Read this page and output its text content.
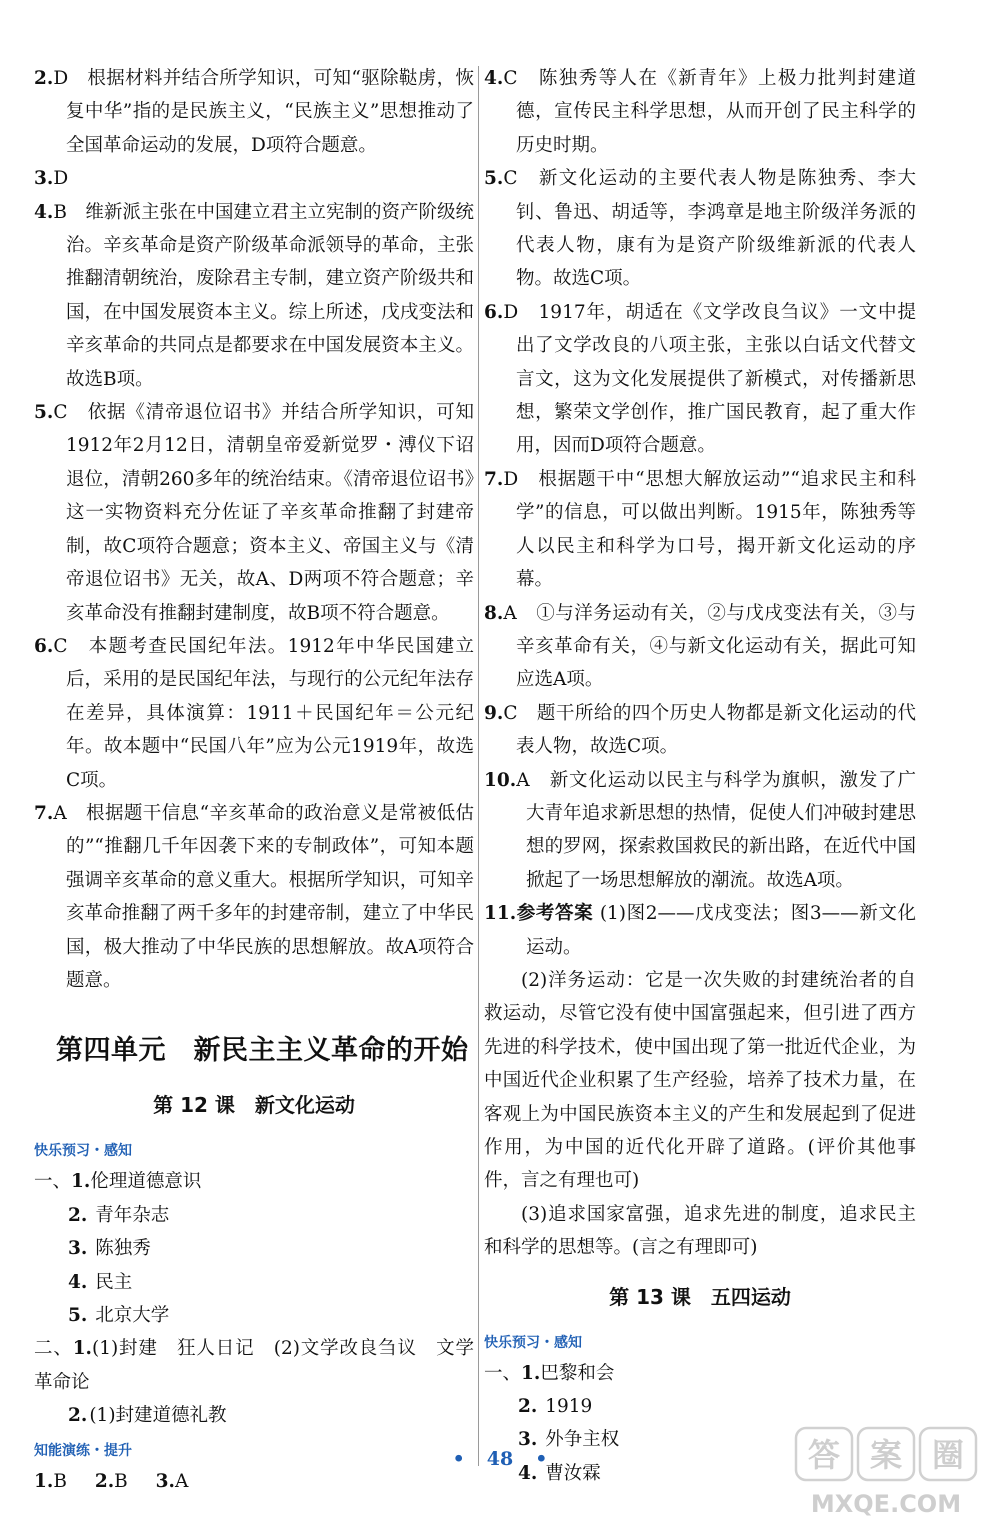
2.D　根据材料并结合所学知识，可知“驱除鞑虏，恢复中华”指的是民族主义，“民族主义”思想推动了全国革命运动的发展，D项符合题意。
3.D
4.B　维新派主张在中国建立君主立宪制的资产阶级统治。辛亥革命是资产阶级革命派领导的革命，主张推翻清朝统治，废除君主专制，建立资产阶级共和国，在中国发展资本主义。综上所述，戊戌变法和辛亥革命的共同点是都要求在中国发展资本主义。故选B项。
5.C　依据《清帝退位诏书》并结合所学知识，可知1912年2月12日，清朝皇帝爱新觉罗・溥仪下诏退位，清朝260多年的统治结束。《清帝退位诏书》这一实物资料充分佐证了辛亥革命推翻了封建帝制，故C项符合题意；资本主义、帝国主义与《清帝退位诏书》无关，故A、D两项不符合题意；辛亥革命没有推翻封建制度，故B项不符合题意。
6.C　本题考查民国纪年法。1912年中华民国建立后，采用的是民国纪年法，与现行的公元纪年法存在差异，具体演算：1911＋民国纪年＝公元纪年。故本题中“民国八年”应为公元1919年，故选C项。
7.A　根据题干信息“辛亥革命的政治意义是常被低估的”“推翻几千年因袭下来的专制政体”，可知本题强调辛亥革命的意义重大。根据所学知识，可知辛亥革命推翻了两千多年的封建帝制，建立了中华民国，极大推动了中华民族的思想解放。故A项符合题意。
第四单元　新民主主义革命的开始
第 12 课　新文化运动
快乐预习・感知
一、1.伦理道德意识
2. 青年杂志
3. 陈独秀
4. 民主
5. 北京大学
二、1.(1)封建　狂人日记　(2)文学改良刍议　文学革命论
2. (1)封建道德礼教
知能演练・提升
1.B 2.B 3.A
4.C　陈独秀等人在《新青年》上极力批判封建道德，宣传民主科学思想，从而开创了民主科学的历史时期。
5.C　新文化运动的主要代表人物是陈独秀、李大钊、鲁迅、胡适等，李鸿章是地主阶级洋务派的代表人物，康有为是资产阶级维新派的代表人物。故选C项。
6.D　1917年，胡适在《文学改良刍议》一文中提出了文学改良的八项主张，主张以白话文代替文言文，这为文化发展提供了新模式，对传播新思想，繁荣文学创作，推广国民教育，起了重大作用，因而D项符合题意。
7.D　根据题干中“思想大解放运动”“追求民主和科学”的信息，可以做出判断。1915年，陈独秀等人以民主和科学为口号，揭开新文化运动的序幕。
8.A　①与洋务运动有关，②与戊戌变法有关，③与辛亥革命有关，④与新文化运动有关，据此可知应选A项。
9.C　题干所给的四个历史人物都是新文化运动的代表人物，故选C项。
10.A　新文化运动以民主与科学为旗帜，激发了广大青年追求新思想的热情，促使人们冲破封建思想的罗网，探索救国救民的新出路，在近代中国掀起了一场思想解放的潮流。故选A项。
11.参考答案 (1)图2——戊戌变法；图3——新文化运动。
(2)洋务运动：它是一次失败的封建统治者的自救运动，尽管它没有使中国富强起来，但引进了西方先进的科学技术，使中国出现了第一批近代企业，为中国近代企业积累了生产经验，培养了技术力量，在客观上为中国民族资本主义的产生和发展起到了促进作用，为中国的近代化开辟了道路。(评价其他事件，言之有理也可)
(3)追求国家富强，追求先进的制度，追求民主和科学的思想等。(言之有理即可)
第 13 课　五四运动
快乐预习・感知
一、1.巴黎和会
2. 1919
3. 外争主权
4. 曹汝霖
• 48 •	答 案 圈
MXQE.COM
